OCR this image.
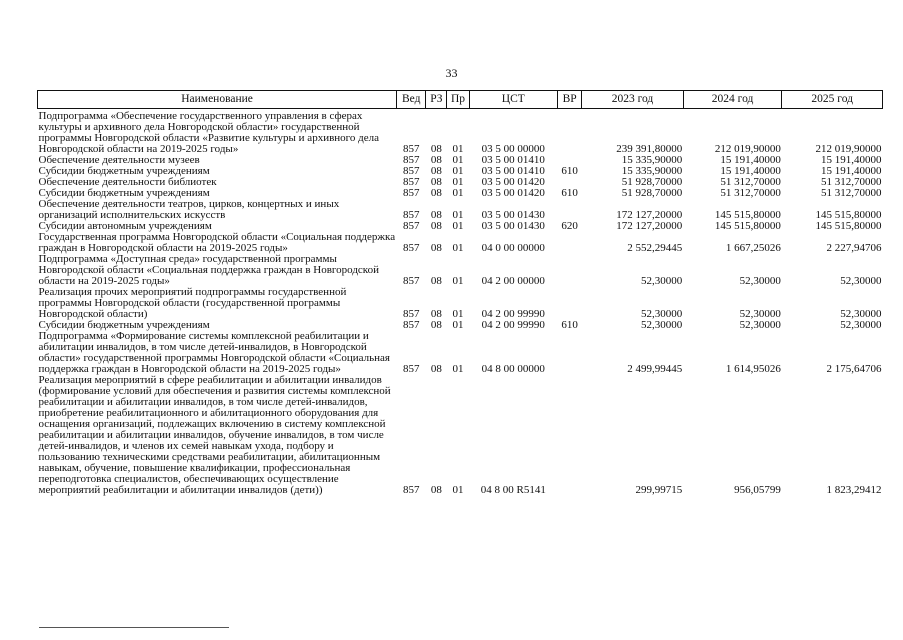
33
Наименование	Вед	РЗ	Пр	ЦСТ	ВР	2023 год	2024 год	2025 год

Подпрограмма «Обеспечение государственного управления в сферах культуры и архивного дела Новгородской области» государственной программы Новгородской области «Развитие культуры и архивного дела Новгородской области на 2019-2025 годы»	857	08	01	03 5 00 00000		239 391,80000	212 019,90000	212 019,90000
Обеспечение деятельности музеев	857	08	01	03 5 00 01410		15 335,90000	15 191,40000	15 191,40000
Субсидии бюджетным учреждениям	857	08	01	03 5 00 01410	610	15 335,90000	15 191,40000	15 191,40000
Обеспечение деятельности библиотек	857	08	01	03 5 00 01420		51 928,70000	51 312,70000	51 312,70000
Субсидии бюджетным учреждениям	857	08	01	03 5 00 01420	610	51 928,70000	51 312,70000	51 312,70000
Обеспечение деятельности театров, цирков, концертных и иных организаций исполнительских искусств	857	08	01	03 5 00 01430		172 127,20000	145 515,80000	145 515,80000
Субсидии автономным учреждениям	857	08	01	03 5 00 01430	620	172 127,20000	145 515,80000	145 515,80000
Государственная программа Новгородской области «Социальная поддержка граждан в Новгородской области на 2019-2025 годы»	857	08	01	04 0 00 00000		2 552,29445	1 667,25026	2 227,94706
Подпрограмма «Доступная среда» государственной программы Новгородской области «Социальная поддержка граждан в Новгородской области на 2019-2025 годы»	857	08	01	04 2 00 00000		52,30000	52,30000	52,30000
Реализация прочих мероприятий подпрограммы государственной программы Новгородской области (государственной программы Новгородской области)	857	08	01	04 2 00 99990		52,30000	52,30000	52,30000
Субсидии бюджетным учреждениям	857	08	01	04 2 00 99990	610	52,30000	52,30000	52,30000
Подпрограмма «Формирование системы комплексной реабилитации и абилитации инвалидов, в том числе детей-инвалидов, в Новгородской области» государственной программы Новгородской области «Социальная поддержка граждан в Новгородской области на 2019-2025 годы»	857	08	01	04 8 00 00000		2 499,99445	1 614,95026	2 175,64706
Реализация мероприятий в сфере реабилитации и абилитации инвалидов (формирование условий для обеспечения и развития системы комплексной реабилитации и абилитации инвалидов, в том числе детей-инвалидов, приобретение реабилитационного и абилитационного оборудования для оснащения организаций, подлежащих включению в систему комплексной реабилитации и абилитации инвалидов, обучение инвалидов, в том числе детей-инвалидов, и членов их семей навыкам ухода, подбору и пользованию техническими средствами реабилитации, абилитационным навыкам, обучение, повышение квалификации, профессиональная переподготовка специалистов, обеспечивающих осуществление мероприятий реабилитации и абилитации инвалидов (дети))	857	08	01	04 8 00 R5141		299,99715	956,05799	1 823,29412
